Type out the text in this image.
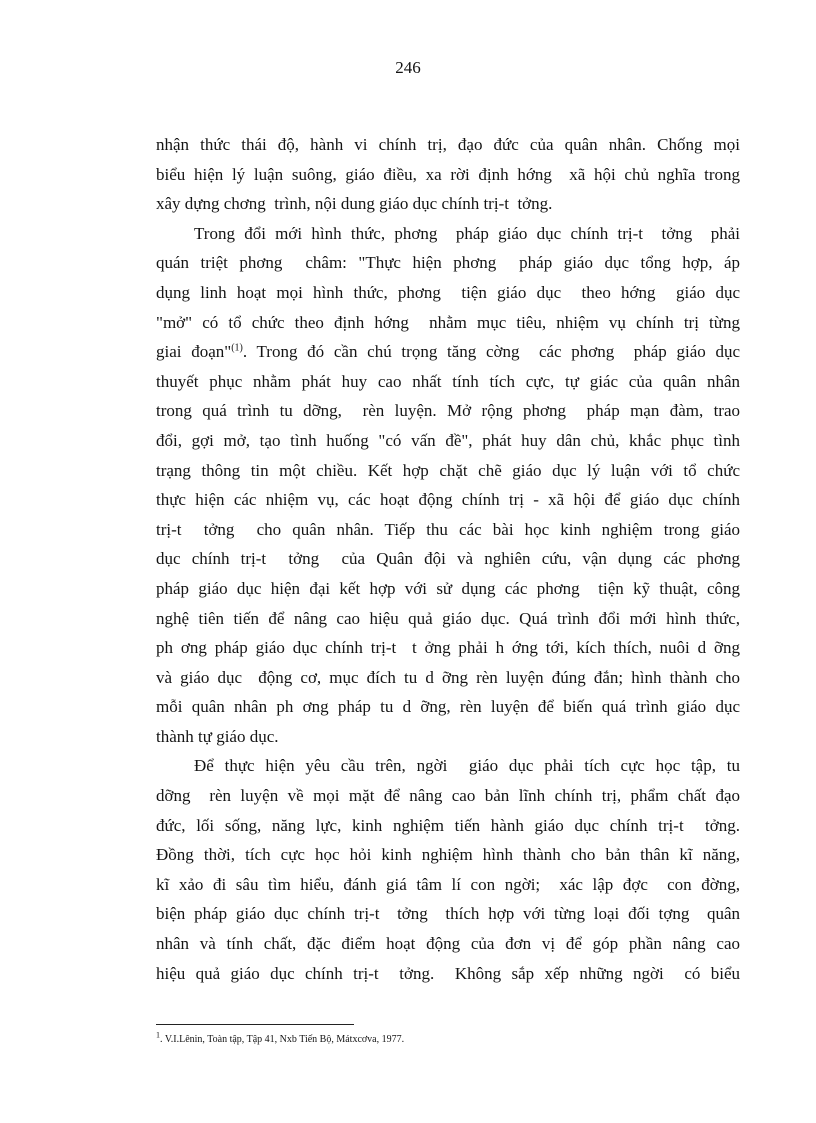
246
nhận thức thái độ, hành vi chính trị, đạo đức của quân nhân. Chống mọi
biểu hiện lý luận suông, giáo điều, xa rời định hớng  xã hội chủ nghĩa trong
xây dựng chơng  trình, nội dung giáo dục chính trị-t  tởng.
Trong đổi mới hình thức, phơng  pháp giáo dục chính trị-t  tởng  phải
quán triệt phơng  châm: "Thực hiện phơng  pháp giáo dục tổng hợp, áp
dụng linh hoạt mọi hình thức, phơng  tiện giáo dục  theo hớng  giáo dục
"mở" có tổ chức theo định hớng  nhằm mục tiêu, nhiệm vụ chính trị từng
giai đoạn"$^{(1)}$. Trong đó cần chú trọng tăng cờng  các phơng  pháp giáo dục
thuyết phục nhằm phát huy cao nhất tính tích cực, tự giác của quân nhân
trong quá trình tu dỡng,  rèn luyện. Mở rộng phơng  pháp mạn đàm, trao
đổi, gợi mở, tạo tình huống "có vấn đề", phát huy dân chủ, khắc phục tình
trạng thông tin một chiều. Kết hợp chặt chẽ giáo dục lý luận với tổ chức
thực hiện các nhiệm vụ, các hoạt động chính trị - xã hội để giáo dục chính
trị-t  tởng  cho quân nhân. Tiếp thu các bài học kinh nghiệm trong giáo
dục chính trị-t  tởng  của Quân đội và nghiên cứu, vận dụng các phơng
pháp giáo dục hiện đại kết hợp với sử dụng các phơng  tiện kỹ thuật, công
nghệ tiên tiến để nâng cao hiệu quả giáo dục. Quá trình đổi mới hình thức,
ph ơng pháp giáo dục chính trị-t  t ởng phải h ớng tới, kích thích, nuôi d ỡng
và giáo dục  động cơ, mục đích tu d ỡng rèn luyện đúng đắn; hình thành cho
mỗi quân nhân ph ơng pháp tu d ỡng, rèn luyện để biến quá trình giáo dục
thành tự giáo dục.
Để thực hiện yêu cầu trên, ngời  giáo dục phải tích cực học tập, tu
dỡng  rèn luyện về mọi mặt để nâng cao bản lĩnh chính trị, phẩm chất đạo
đức, lối sống, năng lực, kinh nghiệm tiến hành giáo dục chính trị-t  tởng.
Đồng thời, tích cực học hỏi kinh nghiệm hình thành cho bản thân kĩ năng,
kĩ xảo đi sâu tìm hiểu, đánh giá tâm lí con ngời;  xác lập đợc  con đờng,
biện pháp giáo dục chính trị-t  tởng  thích hợp với từng loại đối tợng  quân
nhân và tính chất, đặc điểm hoạt động của đơn vị để góp phần nâng cao
hiệu quả giáo dục chính trị-t  tởng.  Không sắp xếp những ngời  có biểu
$^1$. V.I.Lênin, Toàn tập, Tập 41, Nxb Tiến Bộ, Mátxcơva, 1977.
